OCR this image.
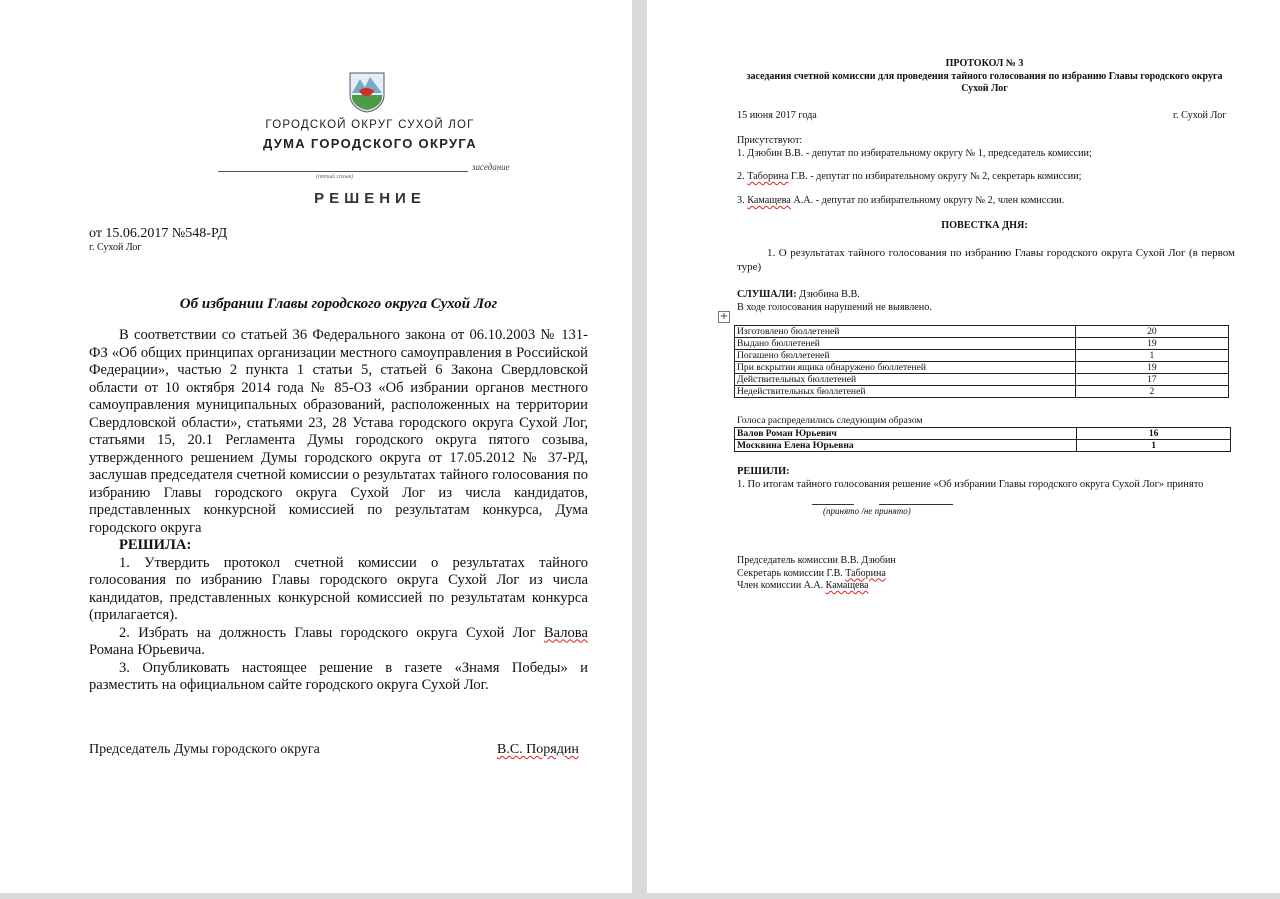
ГОРОДСКОЙ ОКРУГ СУХОЙ ЛОГ
ДУМА ГОРОДСКОГО ОКРУГА
заседание
(пятый созыв)
РЕШЕНИЕ
от 15.06.2017 №548-РД
г. Сухой Лог
Об избрании Главы городского округа Сухой Лог

В соответствии со статьей 36 Федерального закона от 06.10.2003 № 131-ФЗ «Об общих принципах организации местного самоуправления в Российской Федерации», частью 2 пункта 1 статьи 5, статьей 6 Закона Свердловской области от 10 октября 2014 года № 85-ОЗ «Об избрании органов местного самоуправления муниципальных образований, расположенных на территории Свердловской области», статьями 23, 28 Устава городского округа Сухой Лог, статьями 15, 20.1 Регламента Думы городского округа пятого созыва, утвержденного решением Думы городского округа от 17.05.2012 № 37-РД, заслушав председателя счетной комиссии о результатах тайного голосования по избранию Главы городского округа Сухой Лог из числа кандидатов, представленных конкурсной комиссией по результатам конкурса, Дума городского округа

РЕШИЛА:

1. Утвердить протокол счетной комиссии о результатах тайного голосования по избранию Главы городского округа Сухой Лог из числа кандидатов, представленных конкурсной комиссией по результатам конкурса (прилагается).

2. Избрать на должность Главы городского округа Сухой Лог Валова Романа Юрьевича.

3. Опубликовать настоящее решение в газете «Знамя Победы» и разместить на официальном сайте городского округа Сухой Лог.

Председатель Думы городского округа	В.С. Порядин
ПРОТОКОЛ № 3
заседания счетной комиссии для проведения тайного голосования по избранию Главы городского округа Сухой Лог
15 июня 2017 года	г. Сухой Лог
Присутствуют:
1. Дзюбин В.В. - депутат по избирательному округу № 1, председатель комиссии;
2. Таборина Г.В. - депутат по избирательному округу № 2, секретарь комиссии;
3. Камащева А.А. - депутат по избирательному округу № 2, член комиссии.
ПОВЕСТКА ДНЯ:
1. О результатах тайного голосования по избранию Главы городского округа Сухой Лог (в первом туре)
СЛУШАЛИ: Дзюбина В.В.
В ходе голосования нарушений не выявлено.
+
Изготовлено бюллетеней	20
Выдано бюллетеней	19
Погашено бюллетеней	1
При вскрытии ящика обнаружено бюллетеней	19
Действительных бюллетеней	17
Недействительных бюллетеней	2
Голоса распределились следующим образом
Валов Роман Юрьевич	16
Москвина Елена Юрьевна	1
РЕШИЛИ:
1. По итогам тайного голосования решение «Об избрании Главы городского округа Сухой Лог» принято
(принято /не принято)
Председатель комиссии В.В. Дзюбин
Секретарь комиссии Г.В. Таборина
Член комиссии А.А. Камащева
